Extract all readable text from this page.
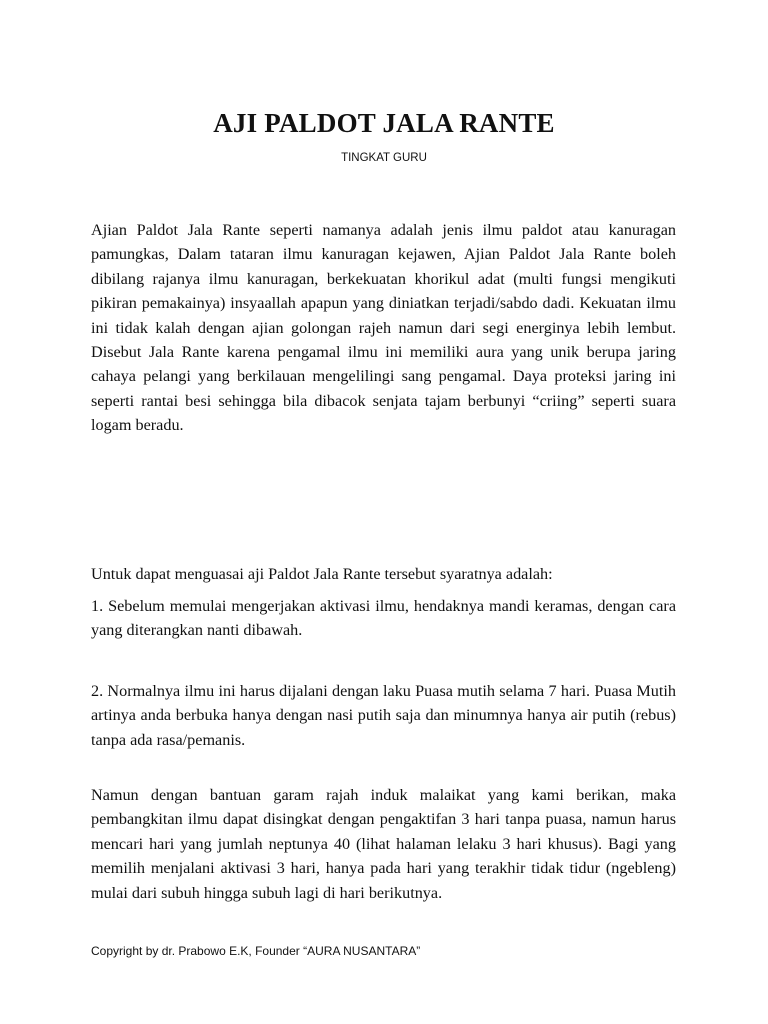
AJI PALDOT JALA RANTE

TINGKAT GURU

Ajian Paldot Jala Rante seperti namanya adalah jenis ilmu paldot atau kanuragan pamungkas, Dalam tataran ilmu kanuragan kejawen, Ajian Paldot Jala Rante boleh dibilang rajanya ilmu kanuragan, berkekuatan khorikul adat (multi fungsi mengikuti pikiran pemakainya) insyaallah apapun yang diniatkan terjadi/sabdo dadi. Kekuatan ilmu ini tidak kalah dengan ajian golongan rajeh namun dari segi energinya lebih lembut. Disebut Jala Rante karena pengamal ilmu ini memiliki aura yang unik berupa jaring cahaya pelangi yang berkilauan mengelilingi sang pengamal. Daya proteksi jaring ini seperti rantai besi sehingga bila dibacok senjata tajam berbunyi “criing” seperti suara logam beradu.

Untuk dapat menguasai aji Paldot Jala Rante tersebut syaratnya adalah:

1. Sebelum memulai mengerjakan aktivasi ilmu, hendaknya mandi keramas, dengan cara yang diterangkan nanti dibawah.

2. Normalnya ilmu ini harus dijalani dengan laku Puasa mutih selama 7 hari. Puasa Mutih artinya anda berbuka hanya dengan nasi putih saja dan minumnya hanya air putih (rebus) tanpa ada rasa/pemanis.

Namun dengan bantuan garam rajah induk malaikat yang kami berikan, maka pembangkitan ilmu dapat disingkat dengan pengaktifan 3 hari tanpa puasa, namun harus mencari hari yang jumlah neptunya 40 (lihat halaman lelaku 3 hari khusus). Bagi yang memilih menjalani aktivasi 3 hari, hanya pada hari yang terakhir tidak tidur (ngebleng) mulai dari subuh hingga subuh lagi di hari berikutnya.

Copyright by dr. Prabowo E.K, Founder “AURA NUSANTARA”
